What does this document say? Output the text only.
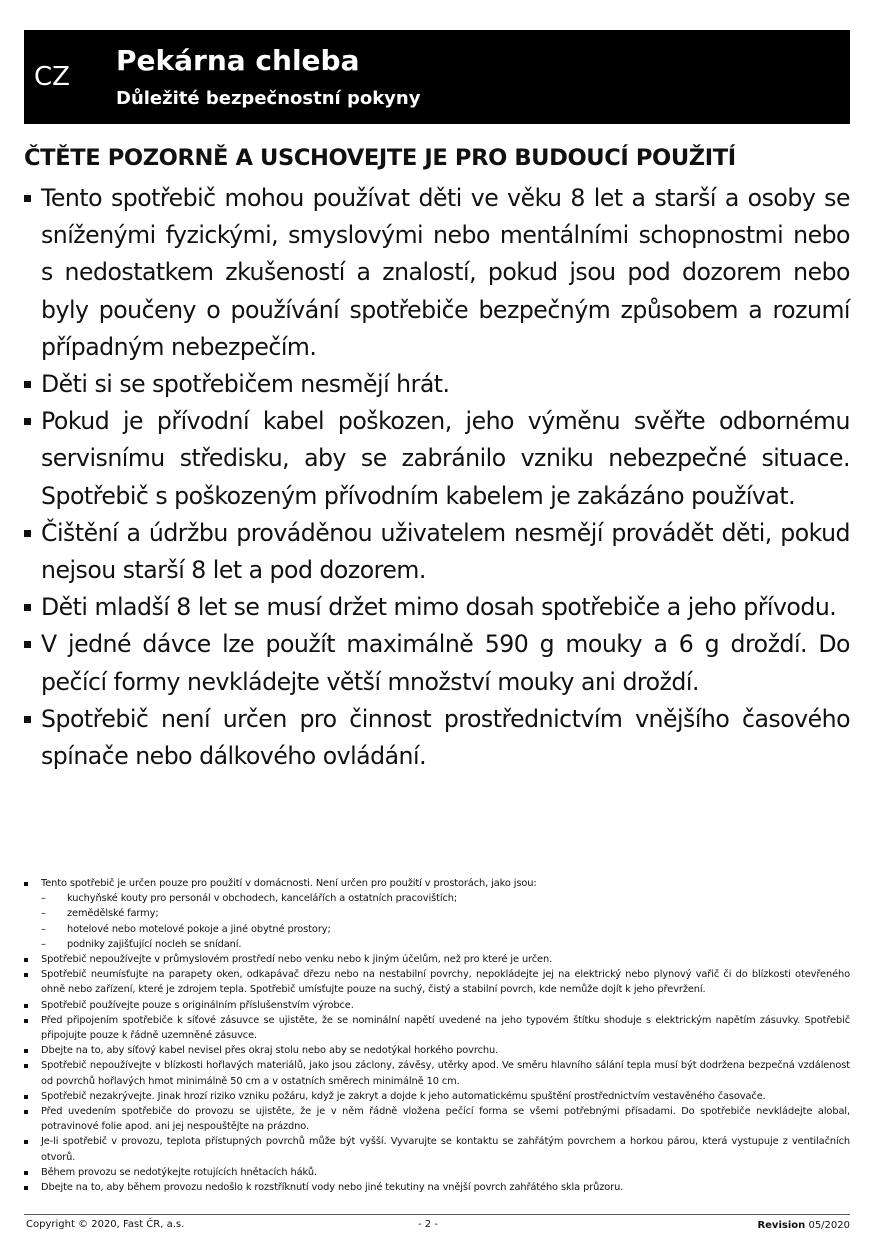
CZ Pekárna chleba
Důležité bezpečnostní pokyny
ČTĚTE POZORNĚ A USCHOVEJTE JE PRO BUDOUCÍ POUŽITÍ
Tento spotřebič mohou používat děti ve věku 8 let a starší a osoby se sníženými fyzickými, smyslovými nebo mentálními schopnostmi nebo s nedostatkem zkušeností a znalostí, pokud jsou pod dozorem nebo byly poučeny o používání spotřebiče bezpečným způsobem a rozumí případným nebezpečím.
Děti si se spotřebičem nesmějí hrát.
Pokud je přívodní kabel poškozen, jeho výměnu svěřte odbornému servisnímu středisku, aby se zabránilo vzniku nebezpečné situace. Spotřebič s poškozeným přívodním kabelem je zakázáno používat.
Čištění a údržbu prováděnou uživatelem nesmějí provádět děti, pokud nejsou starší 8 let a pod dozorem.
Děti mladší 8 let se musí držet mimo dosah spotřebiče a jeho přívodu.
V jedné dávce lze použít maximálně 590 g mouky a 6 g droždí. Do pečící formy nevkládejte větší množství mouky ani droždí.
Spotřebič není určen pro činnost prostřednictvím vnějšího časového spínače nebo dálkového ovládání.
Tento spotřebič je určen pouze pro použití v domácnosti. Není určen pro použití v prostorách, jako jsou:
– kuchyňské kouty pro personál v obchodech, kancelářích a ostatních pracovištích;
– zemědělské farmy;
– hotelové nebo motelové pokoje a jiné obytné prostory;
– podniky zajišťující nocleh se snídaní.
Spotřebič nepoužívejte v průmyslovém prostředí nebo venku nebo k jiným účelům, než pro které je určen.
Spotřebič neumísťujte na parapety oken, odkapávač dřezu nebo na nestabilní povrchy, nepokládejte jej na elektrický nebo plynový vařič či do blízkosti otevřeného ohně nebo zařízení, které je zdrojem tepla. Spotřebič umísťujte pouze na suchý, čistý a stabilní povrch, kde nemůže dojít k jeho převržení.
Spotřebič používejte pouze s originálním příslušenstvím výrobce.
Před připojením spotřebiče k síťové zásuvce se ujistěte, že se nominální napětí uvedené na jeho typovém štítku shoduje s elektrickým napětím zásuvky. Spotřebič připojujte pouze k řádně uzemněné zásuvce.
Dbejte na to, aby síťový kabel nevisel přes okraj stolu nebo aby se nedotýkal horkého povrchu.
Spotřebič nepoužívejte v blízkosti hořlavých materiálů, jako jsou záclony, závěsy, utěrky apod. Ve směru hlavního sálání tepla musí být dodržena bezpečná vzdálenost od povrchů hořlavých hmot minimálně 50 cm a v ostatních směrech minimálně 10 cm.
Spotřebič nezakrývejte. Jinak hrozí riziko vzniku požáru, když je zakryt a dojde k jeho automatickému spuštění prostřednictvím vestavěného časovače.
Před uvedením spotřebiče do provozu se ujistěte, že je v něm řádně vložena pečící forma se všemi potřebnými přísadami. Do spotřebiče nevkládejte alobal, potravinové folie apod. ani jej nespouštějte na prázdno.
Je-li spotřebič v provozu, teplota přístupných povrchů může být vyšší. Vyvarujte se kontaktu se zahřátým povrchem a horkou párou, která vystupuje z ventilačních otvorů.
Během provozu se nedotýkejte rotujících hnětacích háků.
Dbejte na to, aby během provozu nedošlo k rozstříknutí vody nebo jiné tekutiny na vnější povrch zahřátého skla průzoru.
Copyright © 2020, Fast ČR, a.s.	- 2 -	Revision 05/2020
